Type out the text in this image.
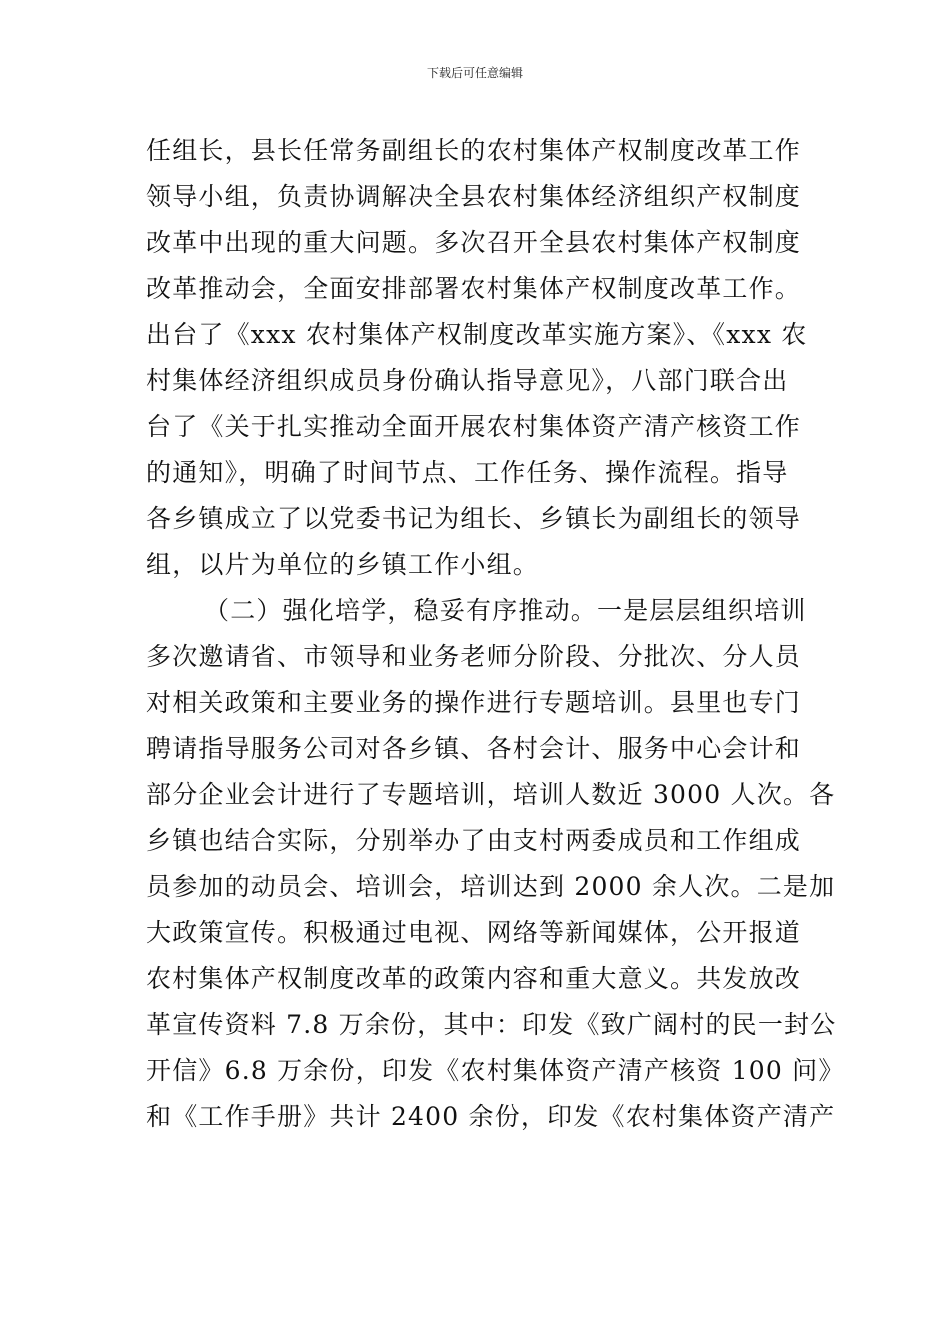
下载后可任意编辑
任组长，县长任常务副组长的农村集体产权制度改革工作
领导小组，负责协调解决全县农村集体经济组织产权制度
改革中出现的重大问题。多次召开全县农村集体产权制度
改革推动会，全面安排部署农村集体产权制度改革工作。
出台了《xxx 农村集体产权制度改革实施方案》、《xxx 农
村集体经济组织成员身份确认指导意见》，八部门联合出
台了《关于扎实推动全面开展农村集体资产清产核资工作
的通知》，明确了时间节点、工作任务、操作流程。指导
各乡镇成立了以党委书记为组长、乡镇长为副组长的领导
组，以片为单位的乡镇工作小组。
（二）强化培学，稳妥有序推动。一是层层组织培训
多次邀请省、市领导和业务老师分阶段、分批次、分人员
对相关政策和主要业务的操作进行专题培训。县里也专门
聘请指导服务公司对各乡镇、各村会计、服务中心会计和
部分企业会计进行了专题培训，培训人数近 3000 人次。各
乡镇也结合实际，分别举办了由支村两委成员和工作组成
员参加的动员会、培训会，培训达到 2000 余人次。二是加
大政策宣传。积极通过电视、网络等新闻媒体，公开报道
农村集体产权制度改革的政策内容和重大意义。共发放改
革宣传资料 7.8 万余份，其中：印发《致广阔村的民一封公
开信》6.8 万余份，印发《农村集体资产清产核资 100 问》
和《工作手册》共计 2400 余份，印发《农村集体资产清产
